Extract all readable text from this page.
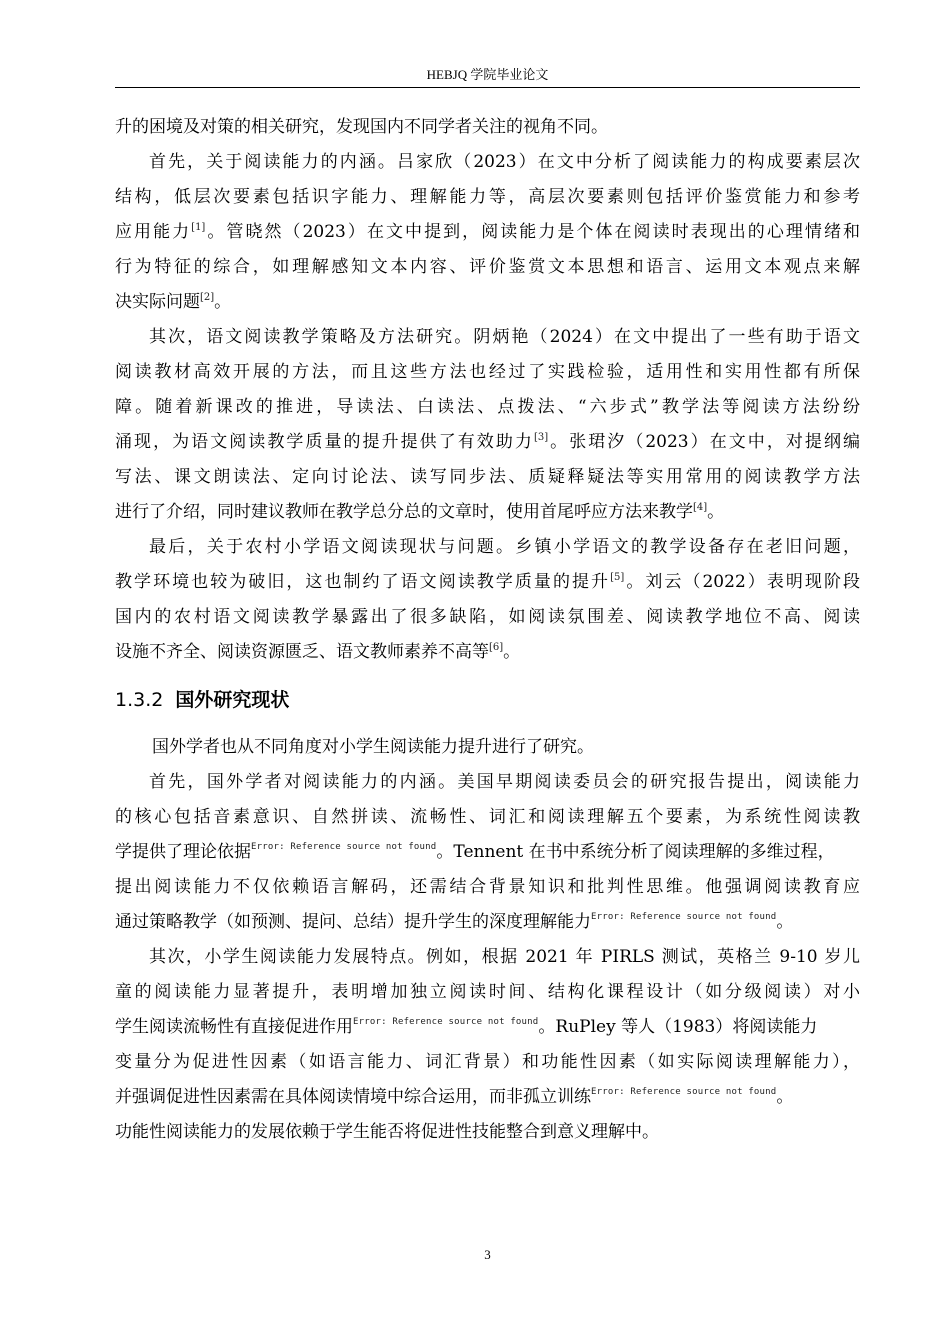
HEBJQ 学院毕业论文
升的困境及对策的相关研究，发现国内不同学者关注的视角不同。
首先，关于阅读能力的内涵。吕家欣（2023）在文中分析了阅读能力的构成要素层次
结构，低层次要素包括识字能力、理解能力等，高层次要素则包括评价鉴赏能力和参考
应用能力[1]。管晓然（2023）在文中提到，阅读能力是个体在阅读时表现出的心理情绪和
行为特征的综合，如理解感知文本内容、评价鉴赏文本思想和语言、运用文本观点来解
决实际问题[2]。
其次，语文阅读教学策略及方法研究。阴炳艳（2024）在文中提出了一些有助于语文
阅读教材高效开展的方法，而且这些方法也经过了实践检验，适用性和实用性都有所保
障。随着新课改的推进，导读法、白读法、点拨法、“六步式”教学法等阅读方法纷纷
涌现，为语文阅读教学质量的提升提供了有效助力[3]。张珺汐（2023）在文中，对提纲编
写法、课文朗读法、定向讨论法、读写同步法、质疑释疑法等实用常用的阅读教学方法
进行了介绍，同时建议教师在教学总分总的文章时，使用首尾呼应方法来教学[4]。
最后，关于农村小学语文阅读现状与问题。乡镇小学语文的教学设备存在老旧问题，
教学环境也较为破旧，这也制约了语文阅读教学质量的提升[5]。刘云（2022）表明现阶段
国内的农村语文阅读教学暴露出了很多缺陷，如阅读氛围差、阅读教学地位不高、阅读
设施不齐全、阅读资源匮乏、语文教师素养不高等[6]。
1.3.2 国外研究现状
国外学者也从不同角度对小学生阅读能力提升进行了研究。
首先，国外学者对阅读能力的内涵。美国早期阅读委员会的研究报告提出，阅读能力
的核心包括音素意识、自然拼读、流畅性、词汇和阅读理解五个要素，为系统性阅读教
学提供了理论依据$^{Error: Reference source not found}$。Tennent 在书中系统分析了阅读理解的多维过程，
提出阅读能力不仅依赖语言解码，还需结合背景知识和批判性思维。他强调阅读教育应
通过策略教学（如预测、提问、总结）提升学生的深度理解能力$^{Error: Reference source not found}$。
其次，小学生阅读能力发展特点。例如，根据 2021 年 PIRLS 测试，英格兰 9-10 岁儿
童的阅读能力显著提升，表明增加独立阅读时间、结构化课程设计（如分级阅读）对小
学生阅读流畅性有直接促进作用$^{Error: Reference source not found}$。RuPley 等人（1983）将阅读能力
变量分为促进性因素（如语言能力、词汇背景）和功能性因素（如实际阅读理解能力），
并强调促进性因素需在具体阅读情境中综合运用，而非孤立训练$^{Error: Reference source not found}$。
功能性阅读能力的发展依赖于学生能否将促进性技能整合到意义理解中。
3
